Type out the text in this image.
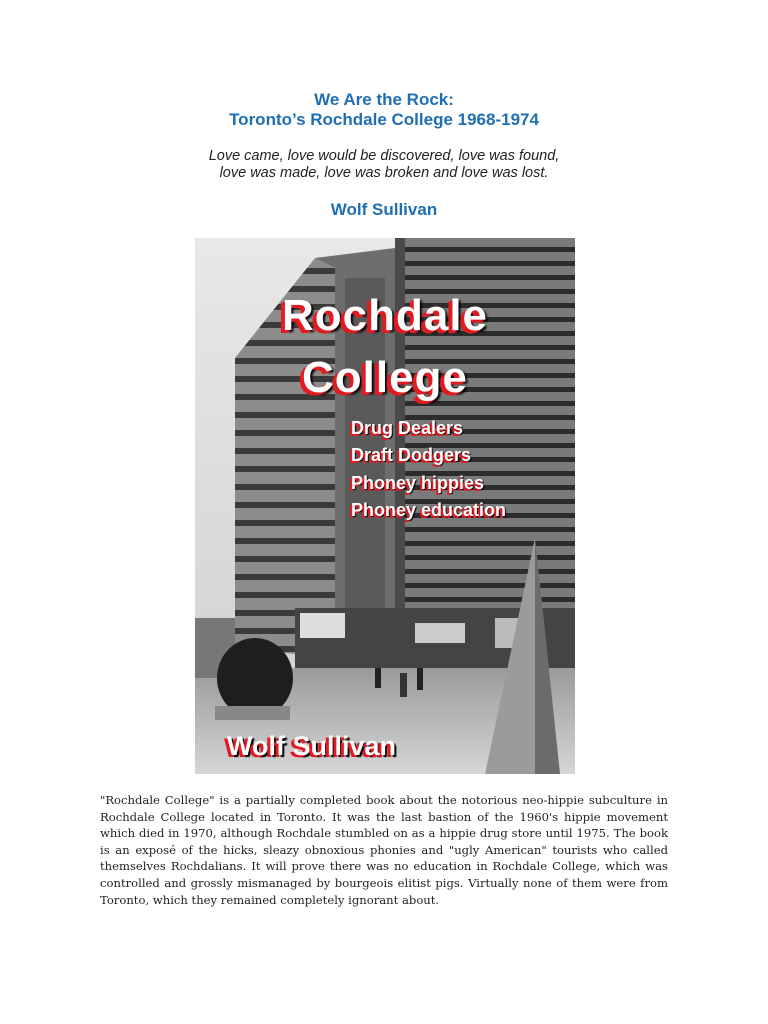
We Are the Rock:
Toronto’s Rochdale College 1968-1974
Love came, love would be discovered, love was found,
love was made, love was broken and love was lost.
Wolf Sullivan
Rochdale
College
Drug Dealers
Draft Dodgers
Phoney hippies
Phoney education
Wolf Sullivan

"Rochdale College" is a partially completed book about the notorious neo-hippie subculture in Rochdale College located in Toronto. It was the last bastion of the 1960's hippie movement which died in 1970, although Rochdale stumbled on as a hippie drug store until 1975. The book is an exposé of the hicks, sleazy obnoxious phonies and "ugly American" tourists who called themselves Rochdalians. It will prove there was no education in Rochdale College, which was controlled and grossly mismanaged by bourgeois elitist pigs. Virtually none of them were from Toronto, which they remained completely ignorant about.
